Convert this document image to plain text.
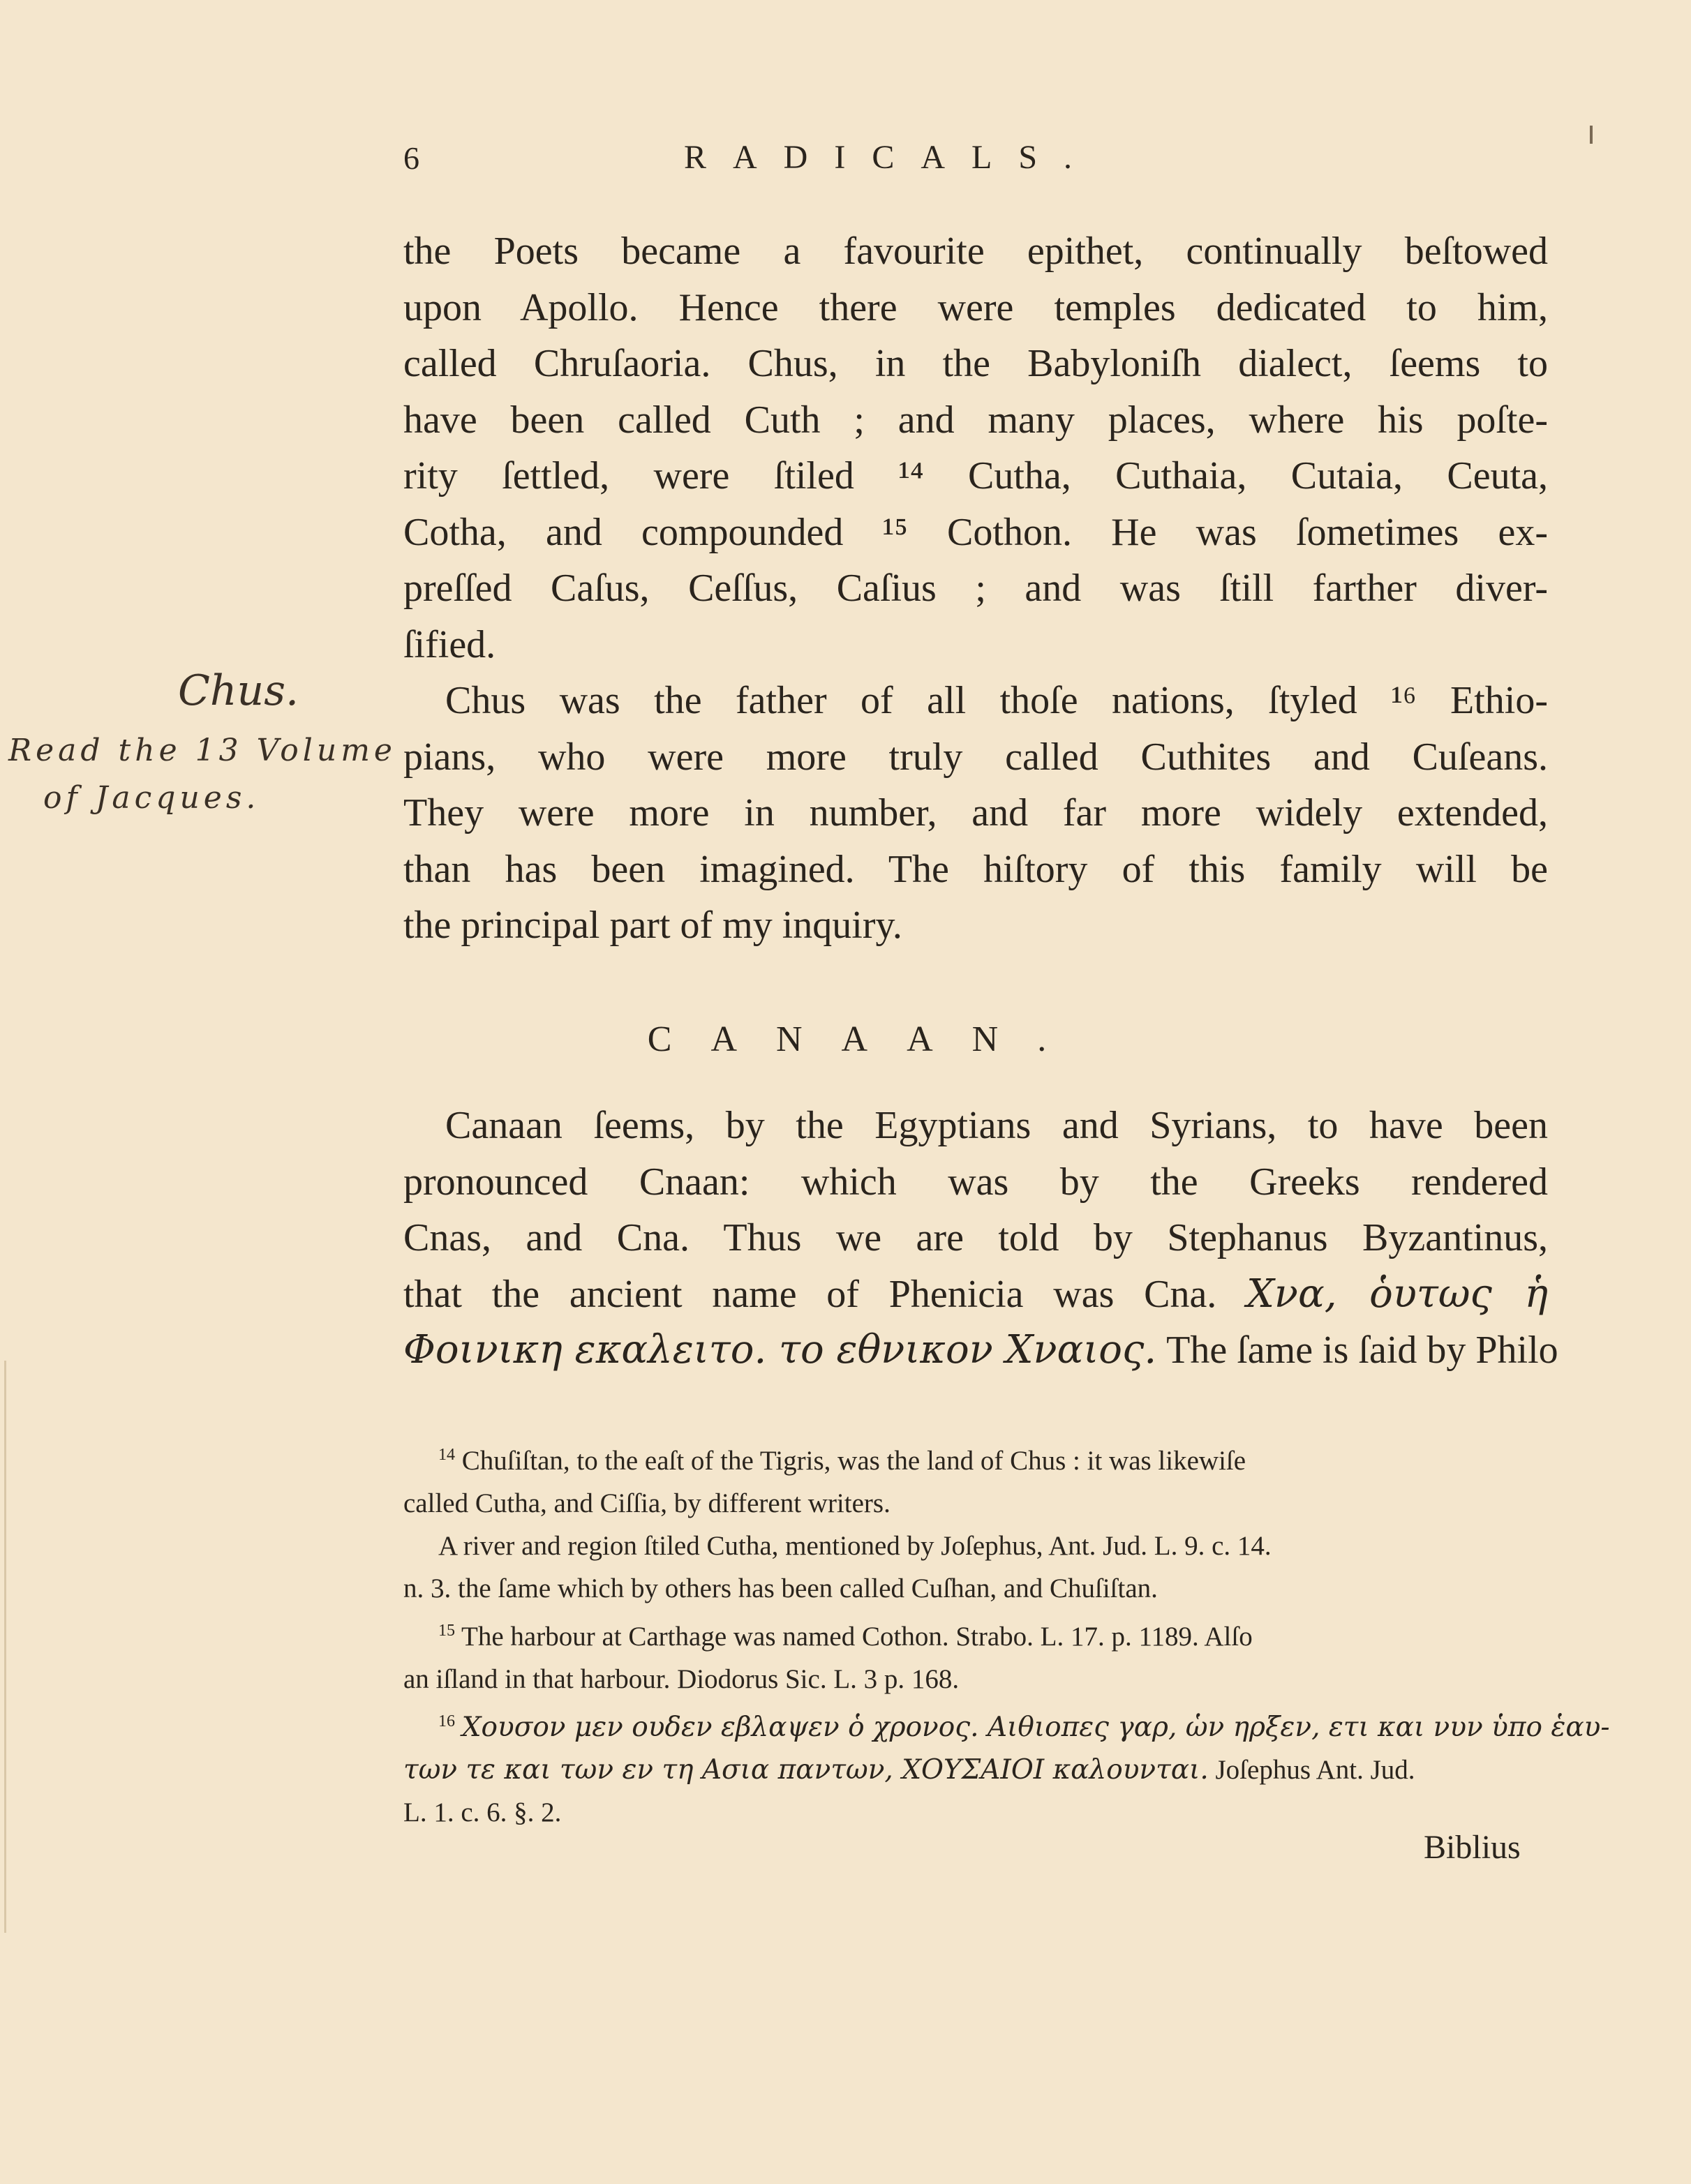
6	RADICALS.
Chus.
Read the 13 Volume
of Jacques.
the Poets became a favourite epithet, continually beſtowed
upon Apollo. Hence there were temples dedicated to him,
called Chruſaoria. Chus, in the Babyloniſh dialect, ſeems to
have been called Cuth ; and many places, where his poſte-
rity ſettled, were ſtiled ¹⁴ Cutha, Cuthaia, Cutaia, Ceuta,
Cotha, and compounded ¹⁵ Cothon. He was ſometimes ex-
preſſed Caſus, Ceſſus, Caſius ; and was ſtill farther diver-
ſified.
Chus was the father of all thoſe nations, ſtyled ¹⁶ Ethio-
pians, who were more truly called Cuthites and Cuſeans.
They were more in number, and far more widely extended,
than has been imagined. The hiſtory of this family will be
the principal part of my inquiry.
CANAAN.
Canaan ſeems, by the Egyptians and Syrians, to have been
pronounced Cnaan: which was by the Greeks rendered
Cnas, and Cna. Thus we are told by Stephanus Byzantinus,
that the ancient name of Phenicia was Cna. Χνα, ὁυτως ἡ
Φοινικη εκαλειτο. το εθνικον Χναιος. The ſame is ſaid by Philo
$^{14}$ Chuſiſtan, to the eaſt of the Tigris, was the land of Chus : it was likewiſe
called Cutha, and Ciſſia, by different writers.
A river and region ſtiled Cutha, mentioned by Joſephus, Ant. Jud. L. 9. c. 14.
n. 3. the ſame which by others has been called Cuſhan, and Chuſiſtan.
$^{15}$ The harbour at Carthage was named Cothon. Strabo. L. 17. p. 1189. Alſo
an iſland in that harbour. Diodorus Sic. L. 3 p. 168.
$^{16}$ Χουσον μεν ουδεν εβλαψεν ὁ χρονος. Αιθιοπες γαρ, ὡν ηρξεν, ετι και νυν ὑπο ἑαυ-
των τε και των εν τη Ασια παντων, ΧΟΥΣΑΙΟΙ καλουνται. Joſephus Ant. Jud.
L. 1. c. 6. §. 2.
Biblius
